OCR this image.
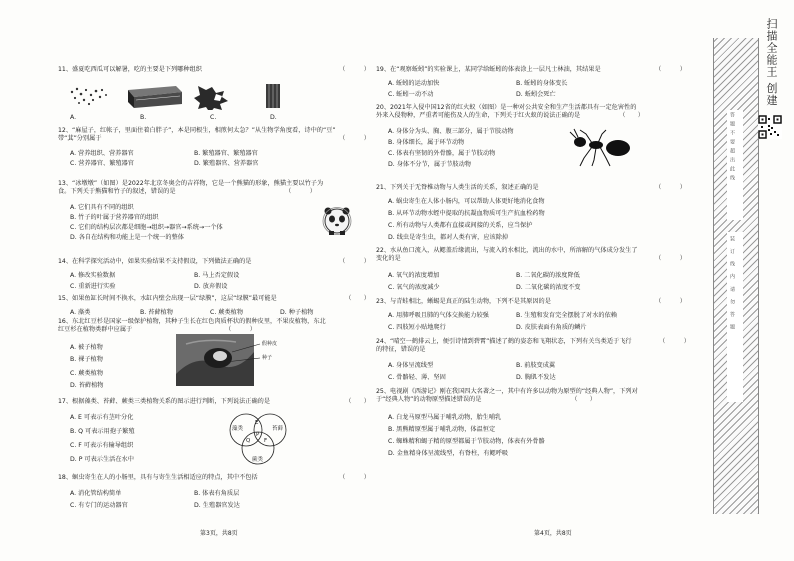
11、盛夏吃西瓜可以解暑，吃的主要是下列哪种组织	（　　　）
A.	B.	C.	D.
12、“麻屋子，红帐子，里面住着白胖子”，本是同根生，相煎何太急？”从生物学角度看，诗中的“豆”
带“萁”分别属于	（　　　）
A. 营养组织、营养器官	B. 繁殖器官、繁殖器官
C. 营养器官、繁殖器官	D. 繁殖器官、营养器官
13、“冰墩墩”（如图）是2022年北京冬奥会的吉祥物，它是一个熊猫的形象，熊猫主要以竹子为
食。下列关于熊猫和竹子的叙述，错误的是	（　　　）
A. 它们具有不同的组织
B. 竹子的叶属于营养器官的组织
C. 它们的结构层次都是细胞→组织→器官→系统→一个体
D. 各自在结构和功能上是一个统一的整体
14、在科学探究活动中，如果实验结果不支持假设，下列做法正确的是	（　　　）
A. 修改实验数据	B. 马上否定假设
C. 重新进行实验	D. 放弃假设
15、如果鱼缸长时间不换水，水缸内壁会出现一层“绿膜”，这层“绿膜”最可能是	（　　）
A. 藻类	B. 苔藓植物	C. 蕨类植物	D. 种子植物
16、东北红豆杉是国家一级保护植物，其种子生长在红色肉质杯状的假种皮里，不果皮植物，东北
红豆杉在植物类群中应属于	（　　　）
A. 被子植物
B. 裸子植物
C. 蕨类植物
D. 苔藓植物
假种皮
种子
17、根据藻类、苔藓、蕨类三类植物关系的图示进行判断，下列说法正确的是	（　　）
A. E 可表示有茎叶分化
B. Q 可表示用孢子繁殖
C. F 可表示有输导组织
D. P 可表示生活在水中
藻类	苔藓
蕨类
E
F
P
Q
18、蛔虫寄生在人的小肠里，具有与寄生生活相适应的特点，其中不包括	（　　　）
A. 消化管结构简单	B. 体表有角质层
C. 有专门的运动器官	D. 生殖器官发达
19、在“观察蚯蚓”的实验课上，某同学给蚯蚓的体表涂上一层凡士林油，其结果是	（　　　）
A. 蚯蚓的运动加快	B. 蚯蚓的身体变长
C. 蚯蚓一动不动	D. 蚯蚓会死亡
20、2021年入侵中国12省的红火蚁（如图）是一种对公共安全和生产生活都具有一定危害性的
外来入侵物种，严重者可能伤及人的生命，下列关于红火蚁的说法正确的是	（　　）
A. 身体分为头、胸、腹三部分，属于节肢动物
B. 身体细长，属于环节动物
C. 体表有坚韧的外骨骼，属于节肢动物
D. 身体不分节，属于节肢动物
21、下列关于无脊椎动物与人类生活的关系，叙述正确的是	（　　　）
A. 蜗虫寄生在人体小肠内，可以帮助人体更好地消化食物
B. 从环节动物水蛭中提取的抗凝血物质可生产抗血栓药物
C. 所有动物与人类都有直接或间接的关系，应当保护
D. 线虫是寄生虫，都对人类有害，应该除掉
22、水从鱼口流入，从鳃盖后缘流出，与流入的水相比，流出的水中，所溶解的气体成分发生了
变化的是	（　　　）
A. 氧气的浓度增加	B. 二氧化碳的浓度降低
C. 氧气的浓度减少	D. 二氧化碳的浓度不变
23、与青蛙相比，蜥蜴是真正的陆生动物，下列不是其原因的是	（　　　）
A. 用肺呼吸且肺的气体交换能力较强	B. 生殖和发育完全摆脱了对水的依赖
C. 四肢短小贴地爬行	D. 皮肤表面有角质的鳞片
24、“晴空一鹤排云上，便引诗情到碧霄”描述了鹤的姿态和飞翔状态，下列有关鸟类适于飞行
的特征，错误的是
（　　　）
A. 身体呈流线型	B. 前肢变成翼
C. 骨骼轻、薄、坚固	D. 胸肌不发达
25、电视剧《西游记》刚在我国四大名著之一，其中有许多以动物为原型的“经典人物”，下列对
于“经典人物”的动物原型描述错误的是	（　　）
A. 白龙马原型马属于哺乳动物，胎生哺乳
B. 黑熊精原型属于哺乳动物，体温恒定
C. 蜘蛛精和蝎子精的原型都属于节肢动物，体表有外骨骼
D. 金鱼精身体呈流线型，有脊柱，有鳃呼吸
第3页，共8页	第4页，共8页
装 订 线 内 请 勿 答 题
答题不要超出此线
扫描全能王 创建
